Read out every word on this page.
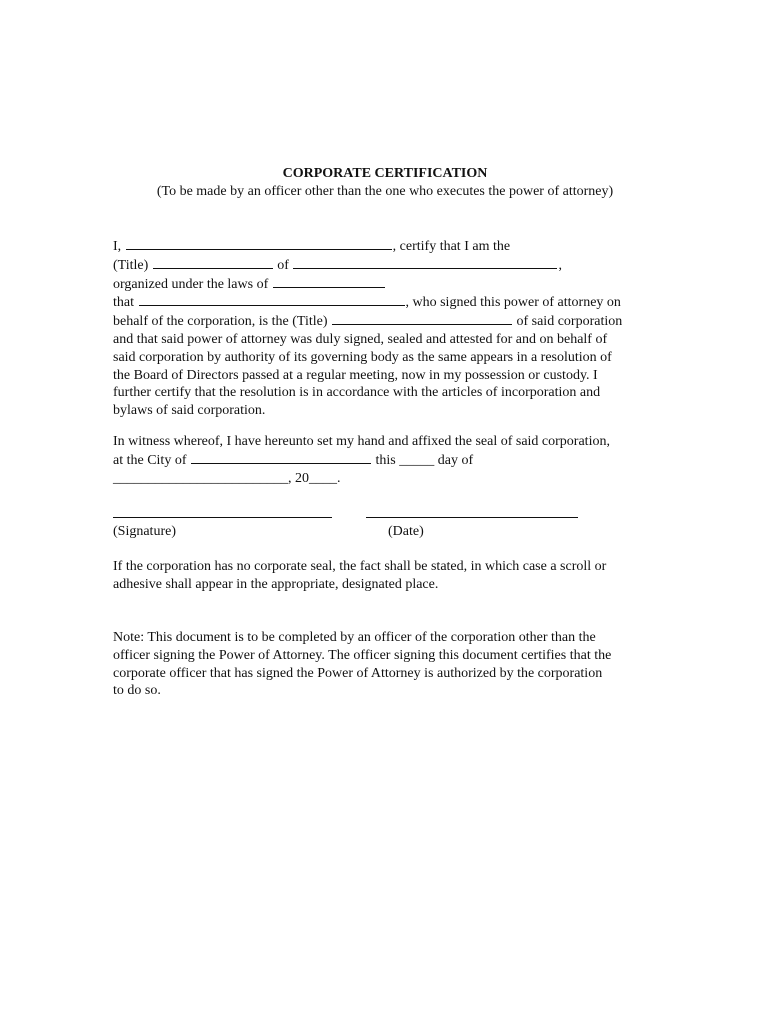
CORPORATE CERTIFICATION
(To be made by an officer other than the one who executes the power of attorney)
I,	, certify that I am the
(Title)	of	,
organized under the laws of
that	, who signed this power of attorney on
behalf of the corporation, is the (Title)	of said corporation
and that said power of attorney was duly signed, sealed and attested for and on behalf of
said corporation by authority of its governing body as the same appears in a resolution of
the Board of Directors passed at a regular meeting, now in my possession or custody. I
further certify that the resolution is in accordance with the articles of incorporation and
bylaws of said corporation.
In witness whereof, I have hereunto set my hand and affixed the seal of said corporation,
at the City of	this _____ day of
_________________________, 20____.
(Signature)	(Date)
If the corporation has no corporate seal, the fact shall be stated, in which case a scroll or
adhesive shall appear in the appropriate, designated place.
Note: This document is to be completed by an officer of the corporation other than the
officer signing the Power of Attorney. The officer signing this document certifies that the
corporate officer that has signed the Power of Attorney is authorized by the corporation
to do so.
